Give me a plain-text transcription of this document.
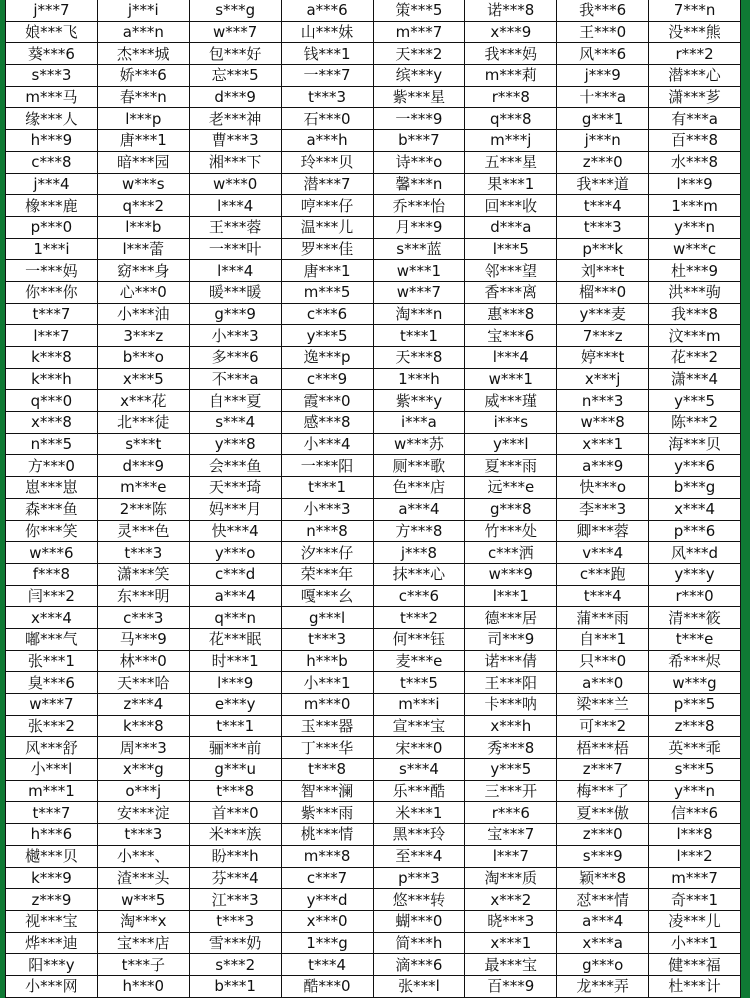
j***7	j***i	s***g	a***6	策***5	诺***8	我***6	7***n
娘***飞	a***n	w***7	山***妹	m***7	x***9	王***0	没***熊
葵***6	杰***城	包***好	钱***1	天***2	我***妈	风***6	r***2
s***3	娇***6	忘***5	一***7	缤***y	m***莉	j***9	潜***心
m***马	春***n	d***9	t***3	紫***星	r***8	十***a	潇***芗
缘***人	l***p	老***神	石***0	一***9	q***8	g***1	有***a
h***9	唐***1	曹***3	a***h	b***7	m***j	j***n	百***8
c***8	暗***园	湘***下	玲***贝	诗***o	五***星	z***0	水***8
j***4	w***s	w***0	潜***7	馨***n	果***1	我***道	l***9
橡***鹿	q***2	l***4	哼***仔	乔***怡	回***收	t***4	1***m
p***0	l***b	王***蓉	温***儿	月***9	d***a	t***3	y***n
1***i	l***蕾	一***叶	罗***佳	s***蓝	l***5	p***k	w***c
一***妈	窈***身	l***4	唐***1	w***1	邻***望	刘***t	杜***9
你***你	心***0	暖***暖	m***5	w***7	香***离	榴***0	洪***驹
t***7	小***油	g***9	c***6	淘***n	惠***8	y***麦	我***8
l***7	3***z	小***3	y***5	t***1	宝***6	7***z	汶***m
k***8	b***o	多***6	逸***p	天***8	l***4	婷***t	花***2
k***h	x***5	不***a	c***9	1***h	w***1	x***j	潇***4
q***0	x***花	自***夏	霞***0	紫***y	威***瑾	n***3	y***5
x***8	北***徒	s***4	感***8	i***a	i***s	w***8	陈***2
n***5	s***t	y***8	小***4	w***苏	y***l	x***1	海***贝
方***0	d***9	会***鱼	一***阳	厕***歌	夏***雨	a***9	y***6
崽***崽	m***e	天***琦	t***1	色***店	远***e	快***o	b***g
森***鱼	2***陈	妈***月	小***3	a***4	g***8	李***3	x***4
你***笑	灵***色	快***4	n***8	方***8	竹***处	卿***蓉	p***6
w***6	t***3	y***o	汐***仔	j***8	c***洒	v***4	风***d
f***8	潇***笑	c***d	荣***年	抹***心	w***9	c***跑	y***y
闫***2	东***明	a***4	嘎***幺	c***6	l***1	t***4	r***0
x***4	c***3	q***n	g***l	t***2	德***居	蒲***雨	清***筱
嘟***气	马***9	花***眠	t***3	何***钰	司***9	自***1	t***e
张***1	林***0	时***1	h***b	麦***e	诺***倩	只***0	希***烬
臭***6	天***哈	l***9	小***1	t***5	王***阳	a***0	w***g
w***7	z***4	e***y	m***0	m***i	卡***呐	梁***兰	p***5
张***2	k***8	t***1	玉***器	宣***宝	x***h	可***2	z***8
风***舒	周***3	骊***前	丁***华	宋***0	秀***8	梧***梧	英***乖
小***l	x***g	g***u	t***8	s***4	y***5	z***7	s***5
m***1	o***j	t***8	智***澜	乐***酷	三***开	梅***了	y***n
t***7	安***淀	首***0	紫***雨	米***1	r***6	夏***傲	信***6
h***6	t***3	米***族	桃***情	黑***玲	宝***7	z***0	l***8
樾***贝	小***、	盼***h	m***8	至***4	l***7	s***9	l***2
k***9	渣***头	芬***4	c***7	p***3	淘***质	颖***8	m***7
z***9	w***5	江***3	y***d	悠***转	x***2	怼***情	奇***1
视***宝	淘***x	t***3	x***0	蝴***0	晓***3	a***4	凌***儿
烨***迪	宝***店	雪***奶	1***g	简***h	x***1	x***a	小***1
阳***y	t***子	s***2	t***4	滴***6	最***宝	g***o	健***福
小***网	h***0	b***1	酷***0	张***l	百***9	龙***弄	杜***计
